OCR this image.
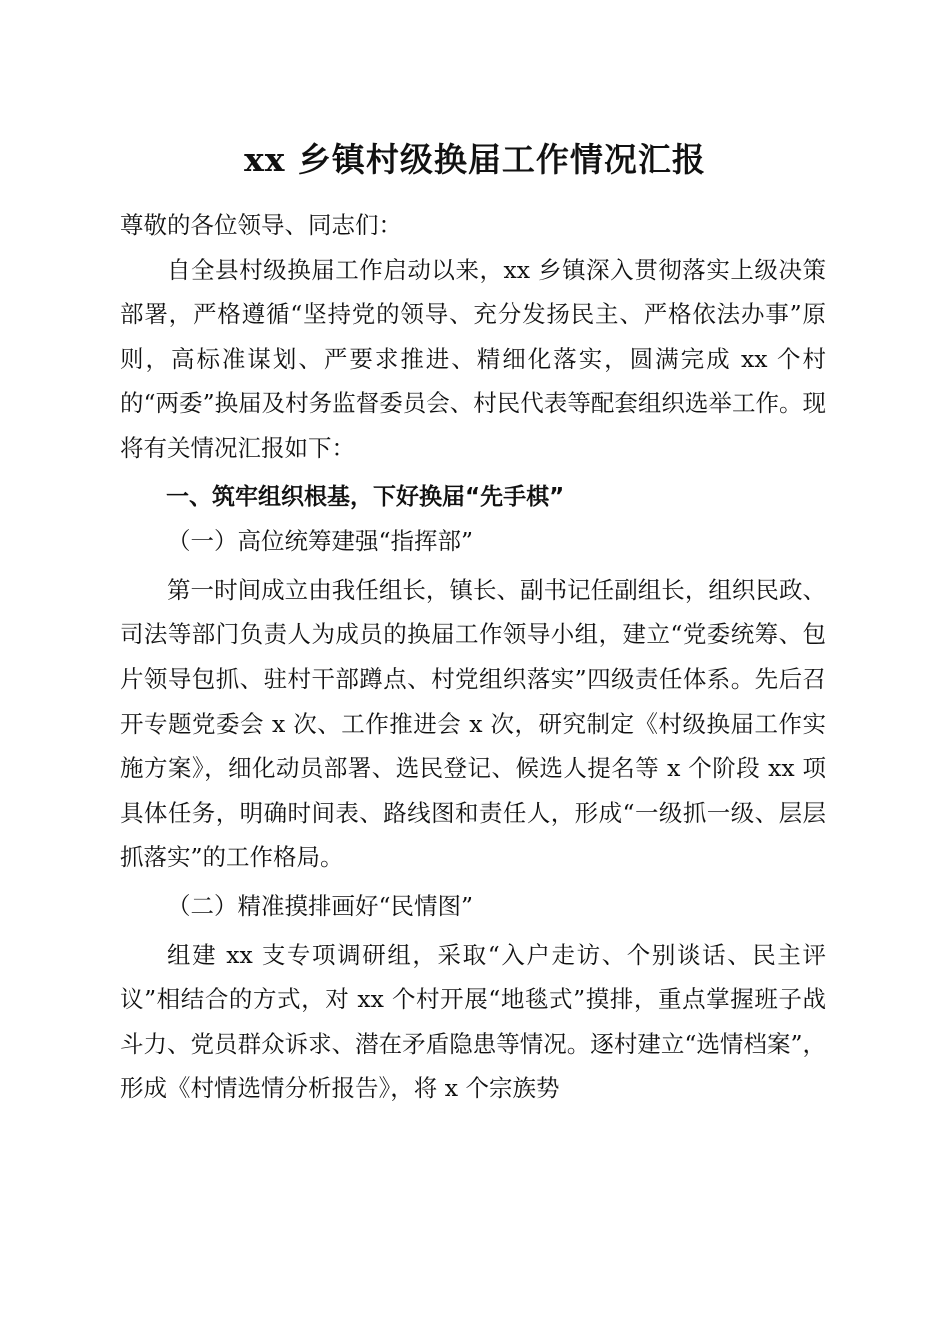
xx 乡镇村级换届工作情况汇报

尊敬的各位领导、同志们：

自全县村级换届工作启动以来，xx 乡镇深入贯彻落实上级决策部署，严格遵循“坚持党的领导、充分发扬民主、严格依法办事”原则，高标准谋划、严要求推进、精细化落实，圆满完成 xx 个村的“两委”换届及村务监督委员会、村民代表等配套组织选举工作。现将有关情况汇报如下：

一、筑牢组织根基，下好换届“先手棋”

（一）高位统筹建强“指挥部”

第一时间成立由我任组长，镇长、副书记任副组长，组织民政、司法等部门负责人为成员的换届工作领导小组，建立“党委统筹、包片领导包抓、驻村干部蹲点、村党组织落实”四级责任体系。先后召开专题党委会 x 次、工作推进会 x 次，研究制定《村级换届工作实施方案》，细化动员部署、选民登记、候选人提名等 x 个阶段 xx 项具体任务，明确时间表、路线图和责任人，形成“一级抓一级、层层抓落实”的工作格局。

（二）精准摸排画好“民情图”

组建 xx 支专项调研组，采取“入户走访、个别谈话、民主评议”相结合的方式，对 xx 个村开展“地毯式”摸排，重点掌握班子战斗力、党员群众诉求、潜在矛盾隐患等情况。逐村建立“选情档案”，形成《村情选情分析报告》，将 x 个宗族势
